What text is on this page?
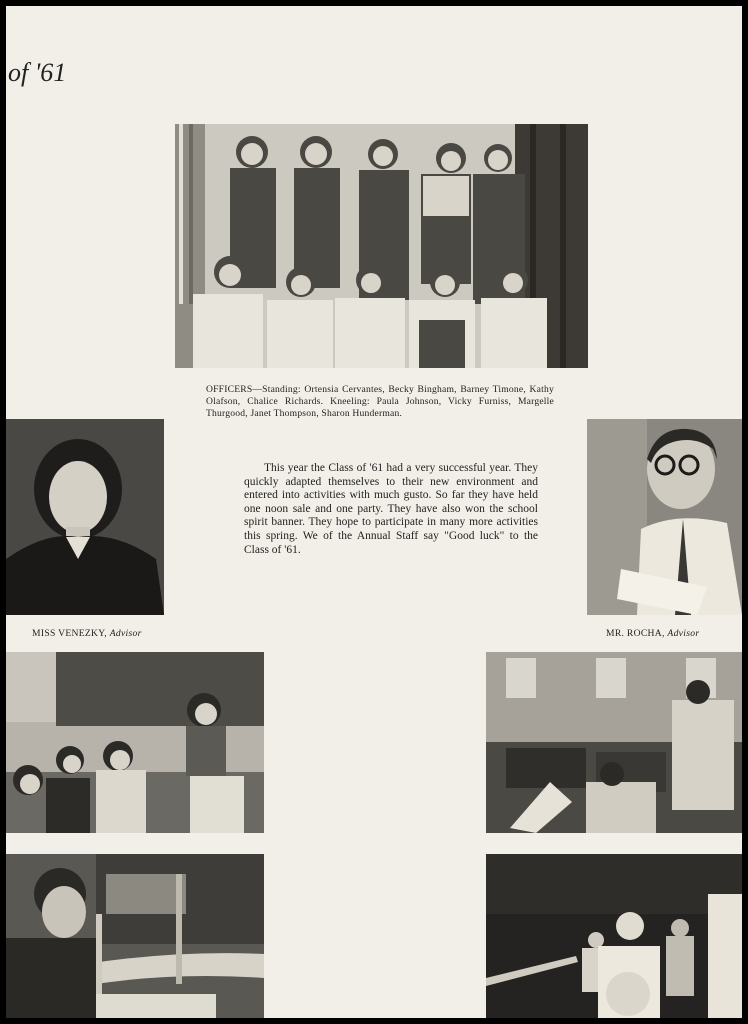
of '61
OFFICERS—Standing: Ortensia Cervantes, Becky Bingham, Barney Timone, Kathy Olafson, Chalice Richards. Kneeling: Paula Johnson, Vicky Furniss, Margelle Thurgood, Janet Thompson, Sharon Hunderman.
MISS VENEZKY, Advisor

This year the Class of '61 had a very successful year. They quickly adapted themselves to their new environment and entered into activities with much gusto. So far they have held one noon sale and one party. They have also won the school spirit banner. They hope to participate in many more activities this spring. We of the Annual Staff say "Good luck" to the Class of '61.

MR. ROCHA, Advisor
